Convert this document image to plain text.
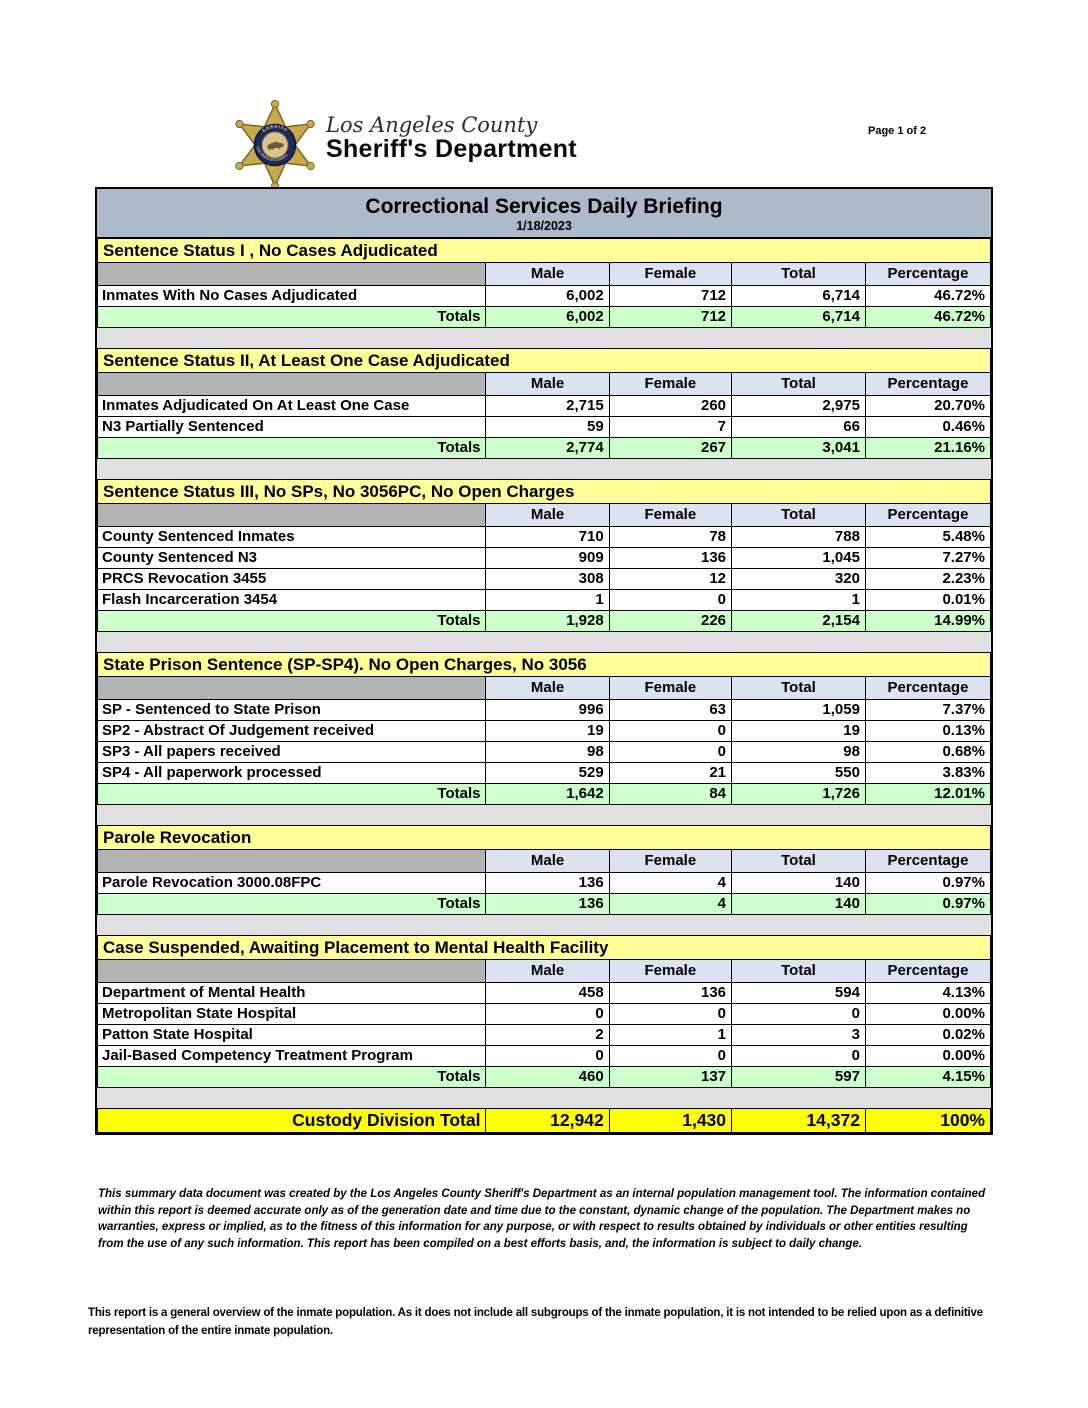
SHERIFF
LOS ANGELES COUNTY
Los Angeles County
Sheriff's Department
Page 1 of 2
Correctional Services Daily Briefing
1/18/2023
Sentence Status I , No Cases Adjudicated				
	Male	Female	Total	Percentage
Inmates With No Cases Adjudicated	6,002	712	6,714	46.72%
Totals	6,002	712	6,714	46.72%
Sentence Status II, At Least One Case Adjudicated				
	Male	Female	Total	Percentage
Inmates Adjudicated On At Least One Case	2,715	260	2,975	20.70%
N3 Partially Sentenced	59	7	66	0.46%
Totals	2,774	267	3,041	21.16%
Sentence Status III, No SPs, No 3056PC, No Open Charges				
	Male	Female	Total	Percentage
County Sentenced Inmates	710	78	788	5.48%
County Sentenced N3	909	136	1,045	7.27%
PRCS Revocation 3455	308	12	320	2.23%
Flash Incarceration 3454	1	0	1	0.01%
Totals	1,928	226	2,154	14.99%
State Prison Sentence (SP-SP4). No Open Charges, No 3056				
	Male	Female	Total	Percentage
SP - Sentenced to State Prison	996	63	1,059	7.37%
SP2 - Abstract Of Judgement received	19	0	19	0.13%
SP3 - All papers received	98	0	98	0.68%
SP4 - All paperwork processed	529	21	550	3.83%
Totals	1,642	84	1,726	12.01%
Parole Revocation				
	Male	Female	Total	Percentage
Parole Revocation 3000.08FPC	136	4	140	0.97%
Totals	136	4	140	0.97%
Case Suspended, Awaiting Placement to Mental Health Facility				
	Male	Female	Total	Percentage
Department of Mental Health	458	136	594	4.13%
Metropolitan State Hospital	0	0	0	0.00%
Patton State Hospital	2	1	3	0.02%
Jail-Based Competency Treatment Program	0	0	0	0.00%
Totals	460	137	597	4.15%
Custody Division Total	12,942	1,430	14,372	100%
This summary data document was created by the Los Angeles County Sheriff's Department as an internal population management tool. The information contained within this report is deemed accurate only as of the generation date and time due to the constant, dynamic change of the population. The Department makes no warranties, express or implied, as to the fitness of this information for any purpose, or with respect to results obtained by individuals or other entities resulting from the use of any such information. This report has been compiled on a best efforts basis, and, the information is subject to daily change.
This report is a general overview of the inmate population. As it does not include all subgroups of the inmate population, it is not intended to be relied upon as a definitive representation of the entire inmate population.
